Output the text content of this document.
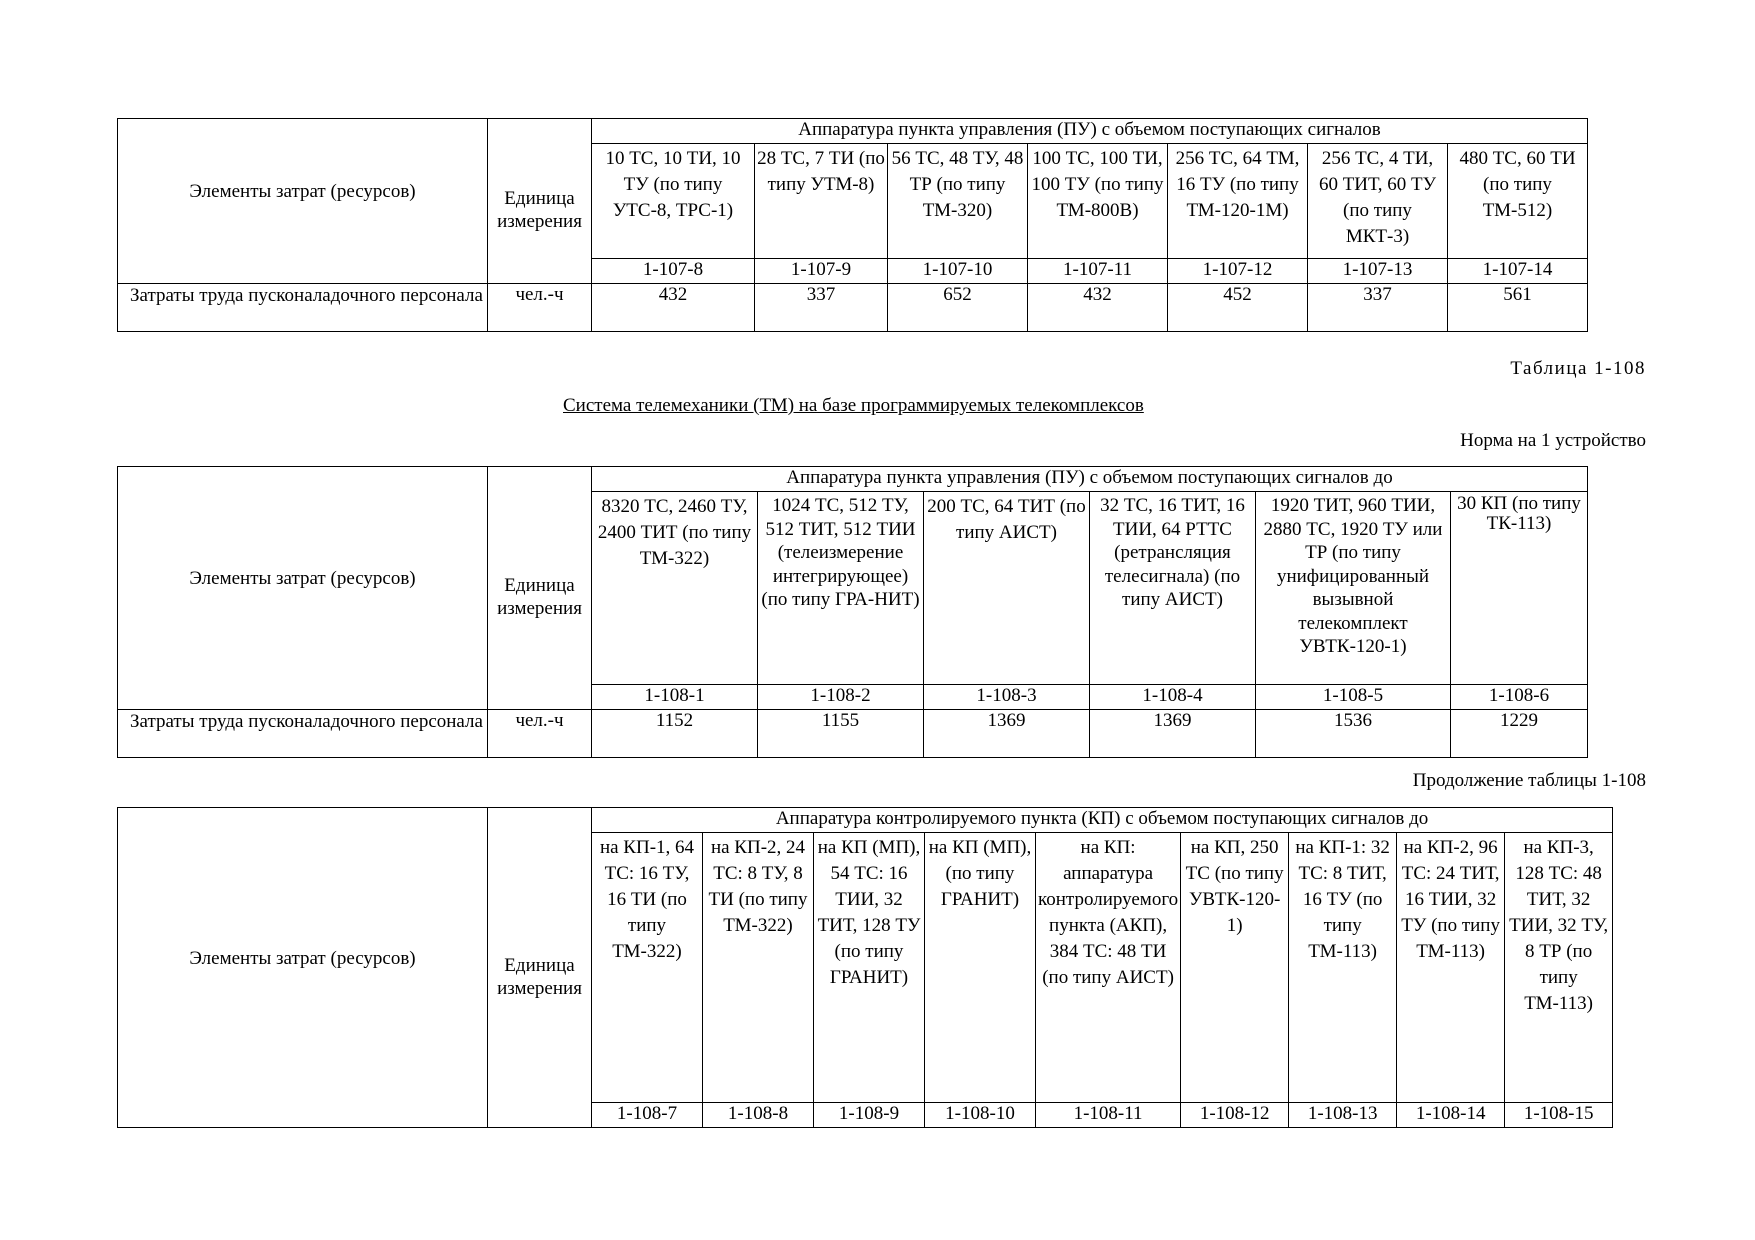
Элементы затрат (ресурсов)	Единица измерения	Аппаратура пункта управления (ПУ) с объемом поступающих сигналов						
		10 ТС, 10 ТИ, 10 ТУ (по типу УТС-8, ТРС-1)	28 ТС, 7 ТИ (по типу УТМ-8)	56 ТС, 48 ТУ, 48 ТР (по типу ТМ-320)	100 ТС, 100 ТИ, 100 ТУ (по типу ТМ-800В)	256 ТС, 64 ТМ, 16 ТУ (по типу ТМ-120-1М)	256 ТС, 4 ТИ, 60 ТИТ, 60 ТУ (по типу МКТ-3)	480 ТС, 60 ТИ (по типу ТМ-512)
		1-107-8	1-107-9	1-107-10	1-107-11	1-107-12	1-107-13	1-107-14
Затраты труда пусконаладочного персонала	чел.-ч	432	337	652	432	452	337	561
Таблица 1-108
Система телемеханики (ТМ) на базе программируемых телекомплексов
Норма на 1 устройство
Элементы затрат (ресурсов)	Единица измерения	Аппаратура пункта управления (ПУ) с объемом поступающих сигналов до					
		8320 ТС, 2460 ТУ, 2400 ТИТ (по типу ТМ-322)	1024 ТС, 512 ТУ, 512 ТИТ, 512 ТИИ (телеизмерение интегрирующее) (по типу ГРА-НИТ)	200 ТС, 64 ТИТ (по типу АИСТ)	32 ТС, 16 ТИТ, 16 ТИИ, 64 РТТС (ретрансляция телесигнала) (по типу АИСТ)	1920 ТИТ, 960 ТИИ, 2880 ТС, 1920 ТУ или ТР (по типу унифицированный вызывной телекомплект УВТК-120-1)	30 КП (по типу ТК-113)
		1-108-1	1-108-2	1-108-3	1-108-4	1-108-5	1-108-6
Затраты труда пусконаладочного персонала	чел.-ч	1152	1155	1369	1369	1536	1229
Продолжение таблицы 1-108
Элементы затрат (ресурсов)	Единица измерения	Аппаратура контролируемого пункта (КП) с объемом поступающих сигналов до								
		на КП-1, 64 ТС: 16 ТУ, 16 ТИ (по типу ТМ-322)	на КП-2, 24 ТС: 8 ТУ, 8 ТИ (по типу ТМ-322)	на КП (МП), 54 ТС: 16 ТИИ, 32 ТИТ, 128 ТУ (по типу ГРАНИТ)	на КП (МП), (по типу ГРАНИТ)	на КП: аппаратура контролируемого пункта (АКП), 384 ТС: 48 ТИ (по типу АИСТ)	на КП, 250 ТС (по типу УВТК-120-1)	на КП-1: 32 ТС: 8 ТИТ, 16 ТУ (по типу ТМ-113)	на КП-2, 96 ТС: 24 ТИТ, 16 ТИИ, 32 ТУ (по типу ТМ-113)	на КП-3, 128 ТС: 48 ТИТ, 32 ТИИ, 32 ТУ, 8 ТР (по типу ТМ-113)
		1-108-7	1-108-8	1-108-9	1-108-10	1-108-11	1-108-12	1-108-13	1-108-14	1-108-15
